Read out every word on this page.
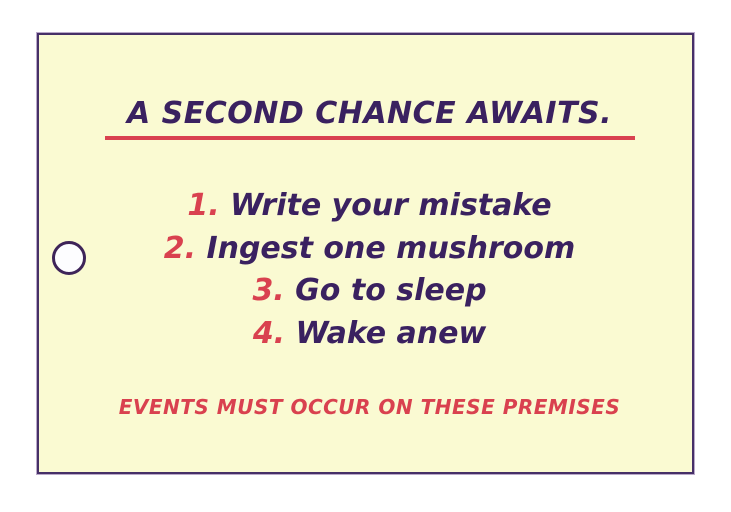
A SECOND CHANCE AWAITS.
1. Write your mistake
2. Ingest one mushroom
3. Go to sleep
4. Wake anew
EVENTS MUST OCCUR ON THESE PREMISES
